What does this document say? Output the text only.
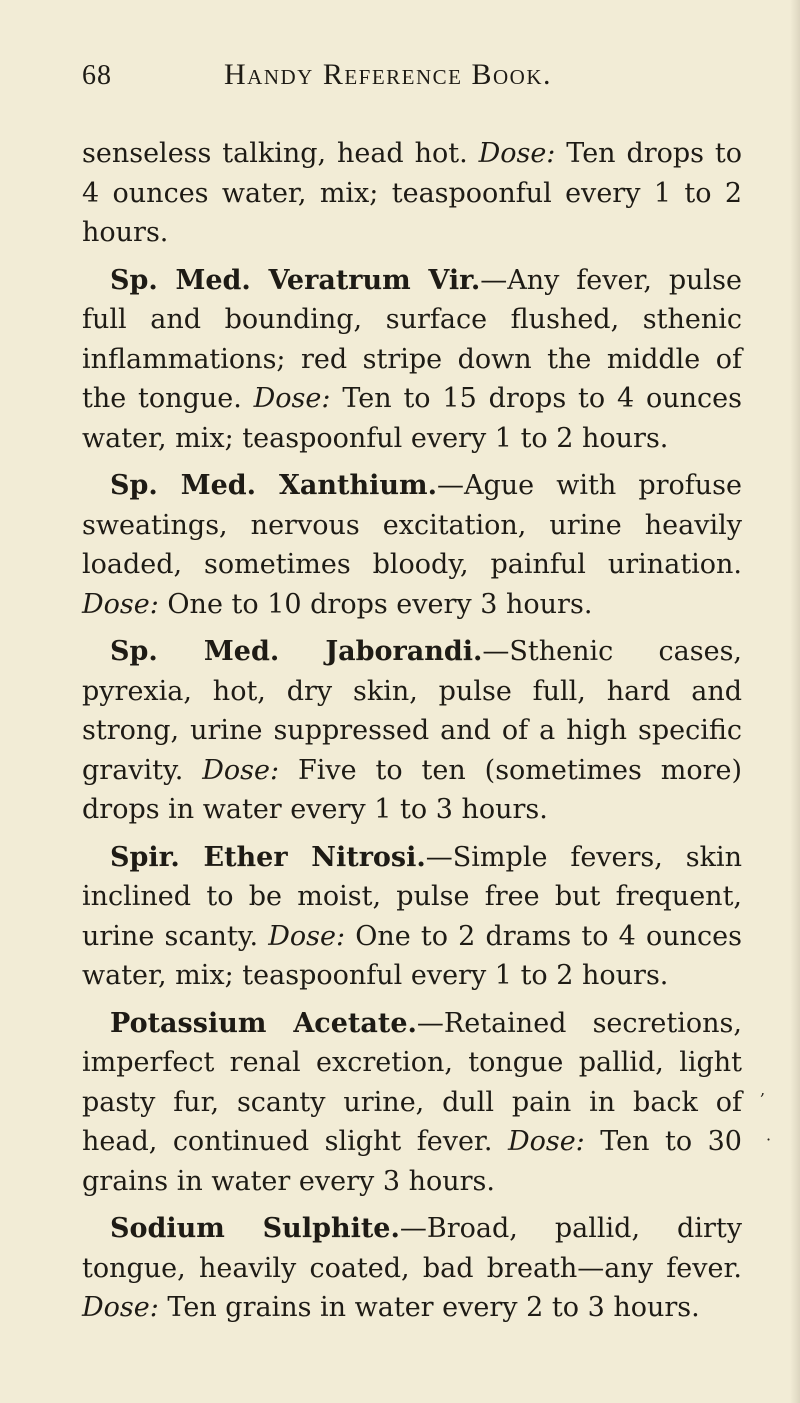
68	Handy Reference Book.

senseless talking, head hot. Dose: Ten drops to 4 ounces water, mix; teaspoonful every 1 to 2 hours.

Sp. Med. Veratrum Vir.—Any fever, pulse full and bounding, surface flushed, sthenic inflammations; red stripe down the middle of the tongue. Dose: Ten to 15 drops to 4 ounces water, mix; teaspoonful every 1 to 2 hours.

Sp. Med. Xanthium.—Ague with profuse sweatings, nervous excitation, urine heavily loaded, sometimes bloody, painful urination. Dose: One to 10 drops every 3 hours.

Sp. Med. Jaborandi.—Sthenic cases, pyrexia, hot, dry skin, pulse full, hard and strong, urine suppressed and of a high specific gravity. Dose: Five to ten (sometimes more) drops in water every 1 to 3 hours.

Spir. Ether Nitrosi.—Simple fevers, skin inclined to be moist, pulse free but frequent, urine scanty. Dose: One to 2 drams to 4 ounces water, mix; teaspoonful every 1 to 2 hours.

Potassium Acetate.—Retained secretions, imperfect renal excretion, tongue pallid, light pasty fur, scanty urine, dull pain in back of head, continued slight fever. Dose: Ten to 30 grains in water every 3 hours.

Sodium Sulphite.—Broad, pallid, dirty tongue, heavily coated, bad breath—any fever. Dose: Ten grains in water every 2 to 3 hours.

‚
·
